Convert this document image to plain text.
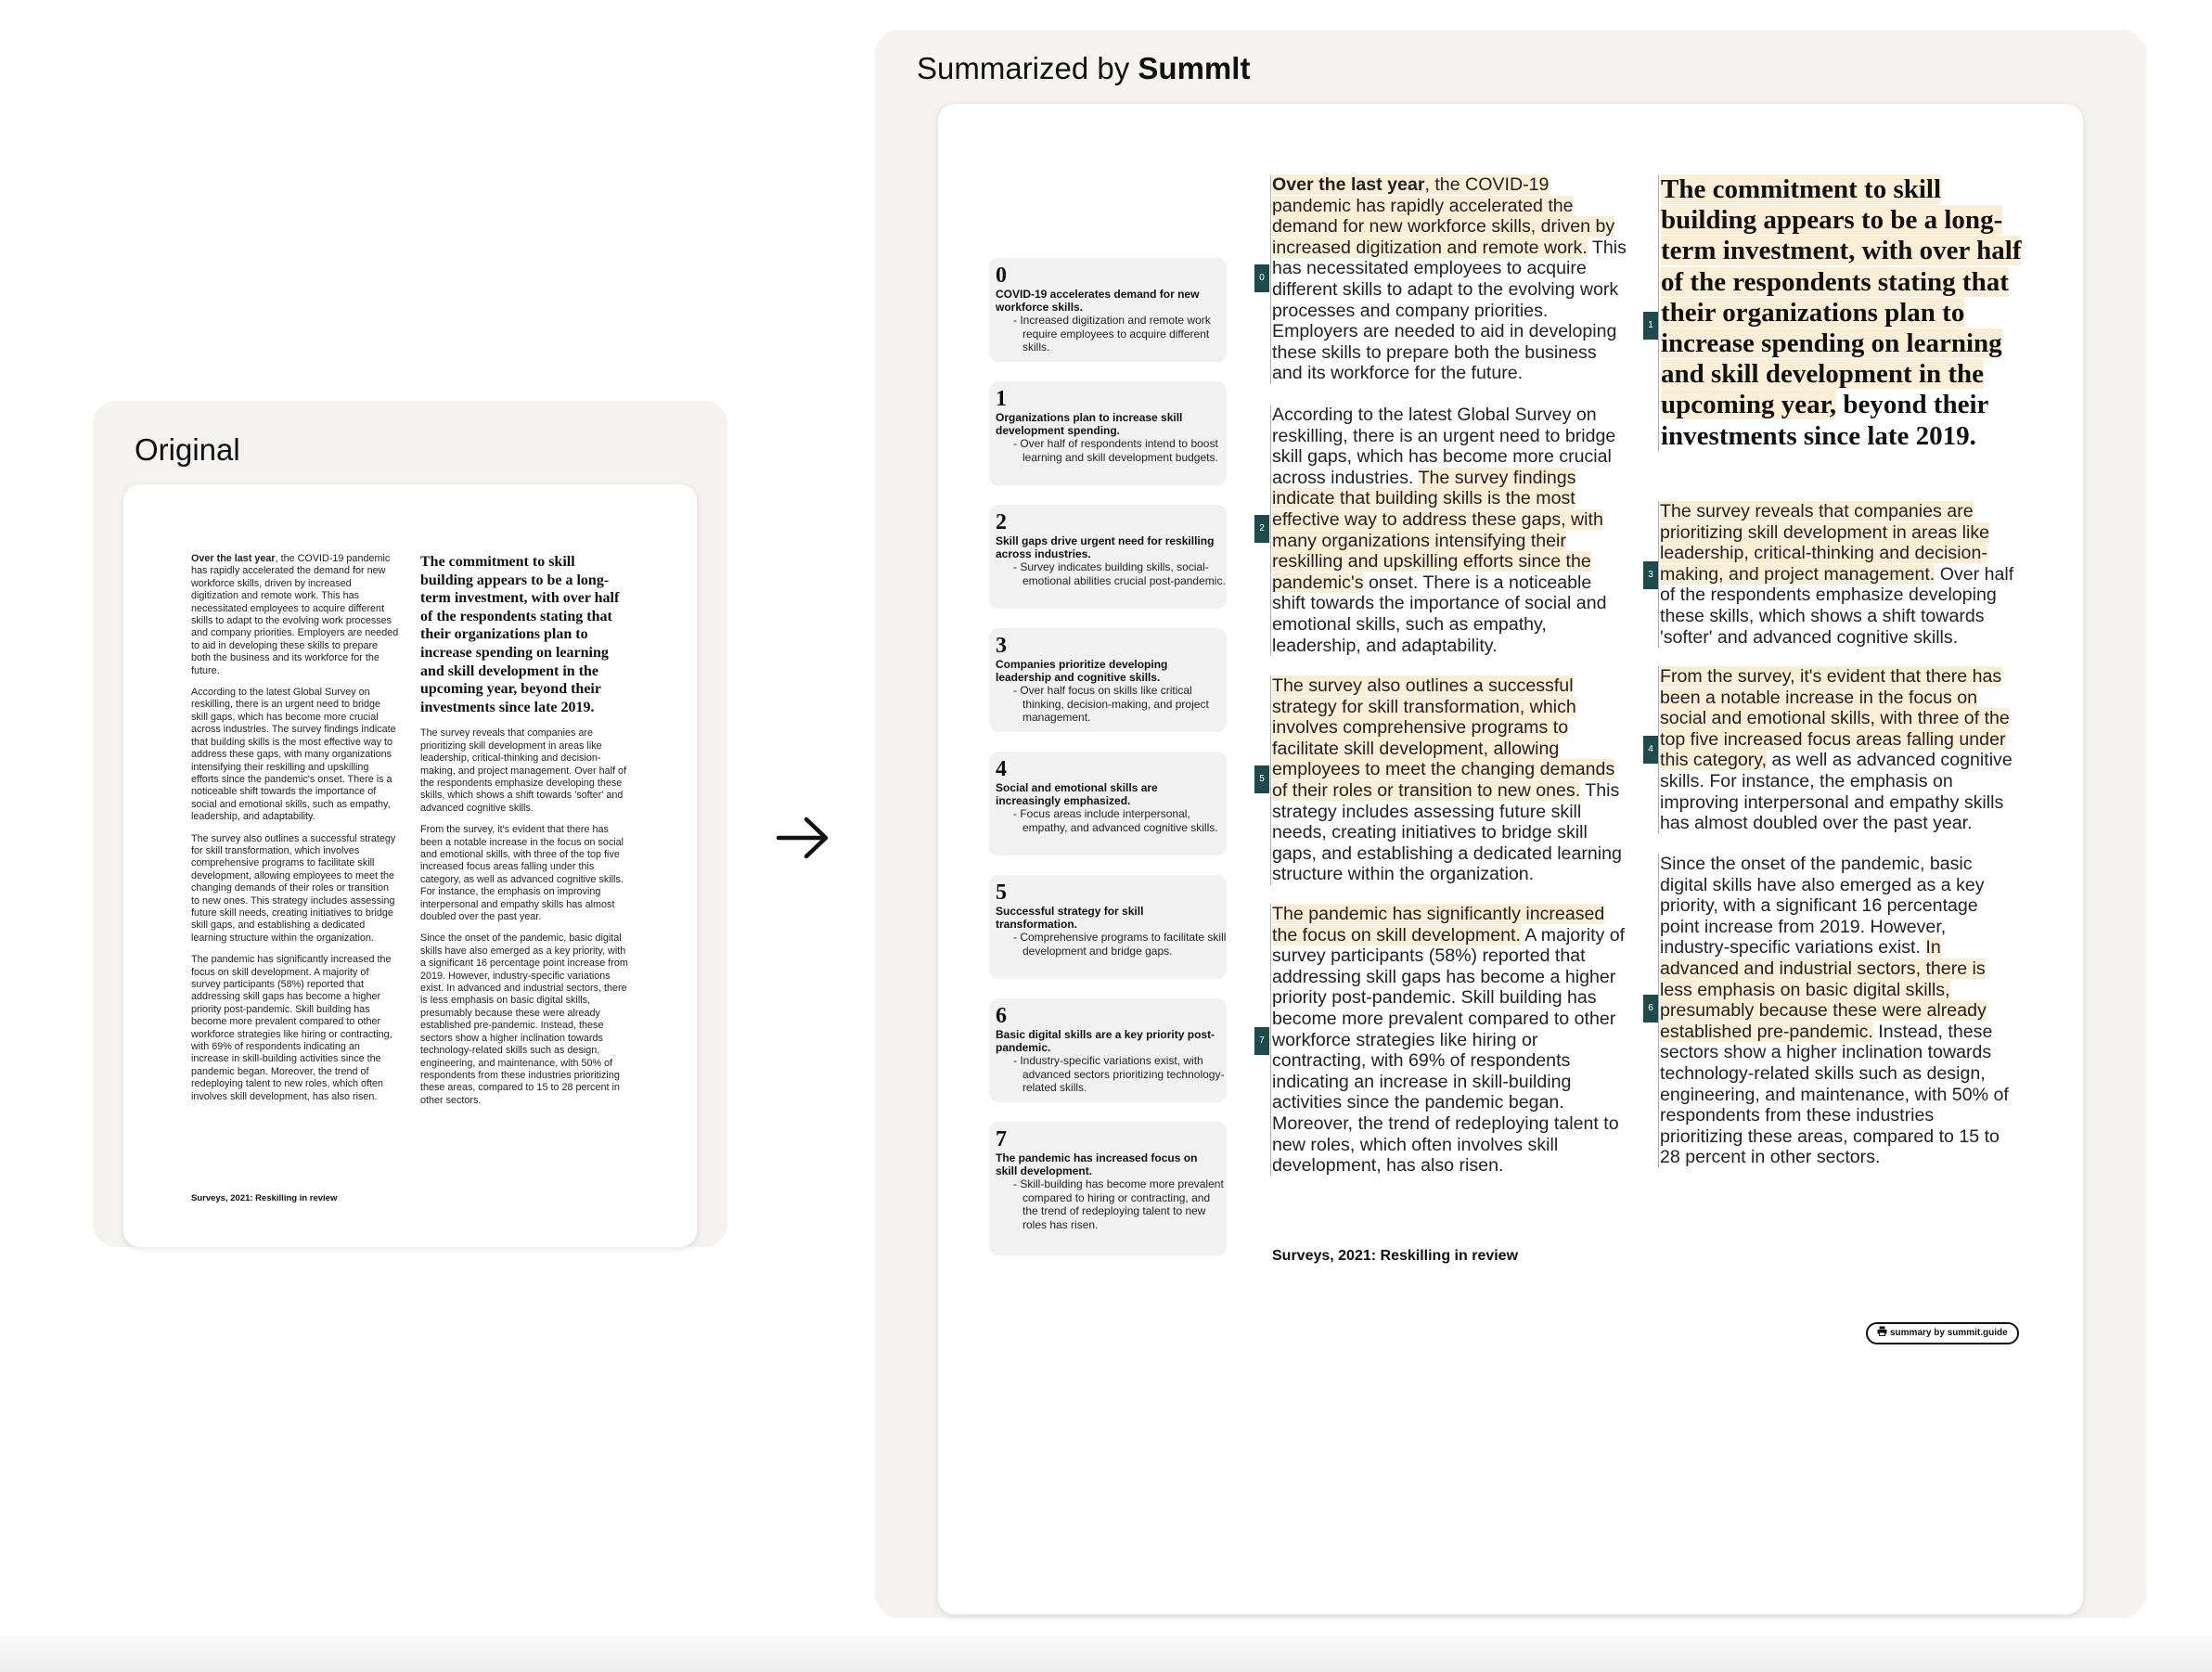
Original

Over the last year, the COVID-19 pandemic has rapidly accelerated the demand for new workforce skills, driven by increased digitization and remote work. This has necessitated employees to acquire different skills to adapt to the evolving work processes and company priorities. Employers are needed to aid in developing these skills to prepare both the business and its workforce for the future.

According to the latest Global Survey on reskilling, there is an urgent need to bridge skill gaps, which has become more crucial across industries. The survey findings indicate that building skills is the most effective way to address these gaps, with many organizations intensifying their reskilling and upskilling efforts since the pandemic's onset. There is a noticeable shift towards the importance of social and emotional skills, such as empathy, leadership, and adaptability.

The survey also outlines a successful strategy for skill transformation, which involves comprehensive programs to facilitate skill development, allowing employees to meet the changing demands of their roles or transition to new ones. This strategy includes assessing future skill needs, creating initiatives to bridge skill gaps, and establishing a dedicated learning structure within the organization.

The pandemic has significantly increased the focus on skill development. A majority of survey participants (58%) reported that addressing skill gaps has become a higher priority post-pandemic. Skill building has become more prevalent compared to other workforce strategies like hiring or contracting, with 69% of respondents indicating an increase in skill-building activities since the pandemic began. Moreover, the trend of redeploying talent to new roles, which often involves skill development, has also risen.

The commitment to skill building appears to be a long-term investment, with over half of the respondents stating that their organizations plan to increase spending on learning and skill development in the upcoming year, beyond their investments since late 2019.

The survey reveals that companies are prioritizing skill development in areas like leadership, critical-thinking and decision-making, and project management. Over half of the respondents emphasize developing these skills, which shows a shift towards 'softer' and advanced cognitive skills.

From the survey, it's evident that there has been a notable increase in the focus on social and emotional skills, with three of the top five increased focus areas falling under this category, as well as advanced cognitive skills. For instance, the emphasis on improving interpersonal and empathy skills has almost doubled over the past year.

Since the onset of the pandemic, basic digital skills have also emerged as a key priority, with a significant 16 percentage point increase from 2019. However, industry-specific variations exist. In advanced and industrial sectors, there is less emphasis on basic digital skills, presumably because these were already established pre-pandemic. Instead, these sectors show a higher inclination towards technology-related skills such as design, engineering, and maintenance, with 50% of respondents from these industries prioritizing these areas, compared to 15 to 28 percent in other sectors.

Surveys, 2021: Reskilling in review
Summarized by Summlt
0
COVID-19 accelerates demand for new workforce skills.
- Increased digitization and remote work require employees to acquire different skills.
1
Organizations plan to increase skill development spending.
- Over half of respondents intend to boost learning and skill development budgets.
2
Skill gaps drive urgent need for reskilling across industries.
- Survey indicates building skills, social-emotional abilities crucial post-pandemic.
3
Companies prioritize developing leadership and cognitive skills.
- Over half focus on skills like critical thinking, decision-making, and project management.
4
Social and emotional skills are increasingly emphasized.
- Focus areas include interpersonal, empathy, and advanced cognitive skills.
5
Successful strategy for skill transformation.
- Comprehensive programs to facilitate skill development and bridge gaps.
6
Basic digital skills are a key priority post-pandemic.
- Industry-specific variations exist, with advanced sectors prioritizing technology-related skills.
7
The pandemic has increased focus on skill development.
- Skill-building has become more prevalent compared to hiring or contracting, and the trend of redeploying talent to new roles has risen.
0
Over the last year, the COVID-19 pandemic has rapidly accelerated the demand for new workforce skills, driven by increased digitization and remote work. This has necessitated employees to acquire different skills to adapt to the evolving work processes and company priorities. Employers are needed to aid in developing these skills to prepare both the business and its workforce for the future.
2
According to the latest Global Survey on reskilling, there is an urgent need to bridge skill gaps, which has become more crucial across industries. The survey findings indicate that building skills is the most effective way to address these gaps, with many organizations intensifying their reskilling and upskilling efforts since the pandemic's onset. There is a noticeable shift towards the importance of social and emotional skills, such as empathy, leadership, and adaptability.
5
The survey also outlines a successful strategy for skill transformation, which involves comprehensive programs to facilitate skill development, allowing employees to meet the changing demands of their roles or transition to new ones. This strategy includes assessing future skill needs, creating initiatives to bridge skill gaps, and establishing a dedicated learning structure within the organization.
7
The pandemic has significantly increased the focus on skill development. A majority of survey participants (58%) reported that addressing skill gaps has become a higher priority post-pandemic. Skill building has become more prevalent compared to other workforce strategies like hiring or contracting, with 69% of respondents indicating an increase in skill-building activities since the pandemic began. Moreover, the trend of redeploying talent to new roles, which often involves skill development, has also risen.
Surveys, 2021: Reskilling in review
1
The commitment to skill building appears to be a long-term investment, with over half of the respondents stating that their organizations plan to increase spending on learning and skill development in the upcoming year, beyond their investments since late 2019.
3
The survey reveals that companies are prioritizing skill development in areas like leadership, critical-thinking and decision-making, and project management. Over half of the respondents emphasize developing these skills, which shows a shift towards 'softer' and advanced cognitive skills.
4
From the survey, it's evident that there has been a notable increase in the focus on social and emotional skills, with three of the top five increased focus areas falling under this category, as well as advanced cognitive skills. For instance, the emphasis on improving interpersonal and empathy skills has almost doubled over the past year.
6
Since the onset of the pandemic, basic digital skills have also emerged as a key priority, with a significant 16 percentage point increase from 2019. However, industry-specific variations exist. In advanced and industrial sectors, there is less emphasis on basic digital skills, presumably because these were already established pre-pandemic. Instead, these sectors show a higher inclination towards technology-related skills such as design, engineering, and maintenance, with 50% of respondents from these industries prioritizing these areas, compared to 15 to 28 percent in other sectors.
summary by summit.guide
